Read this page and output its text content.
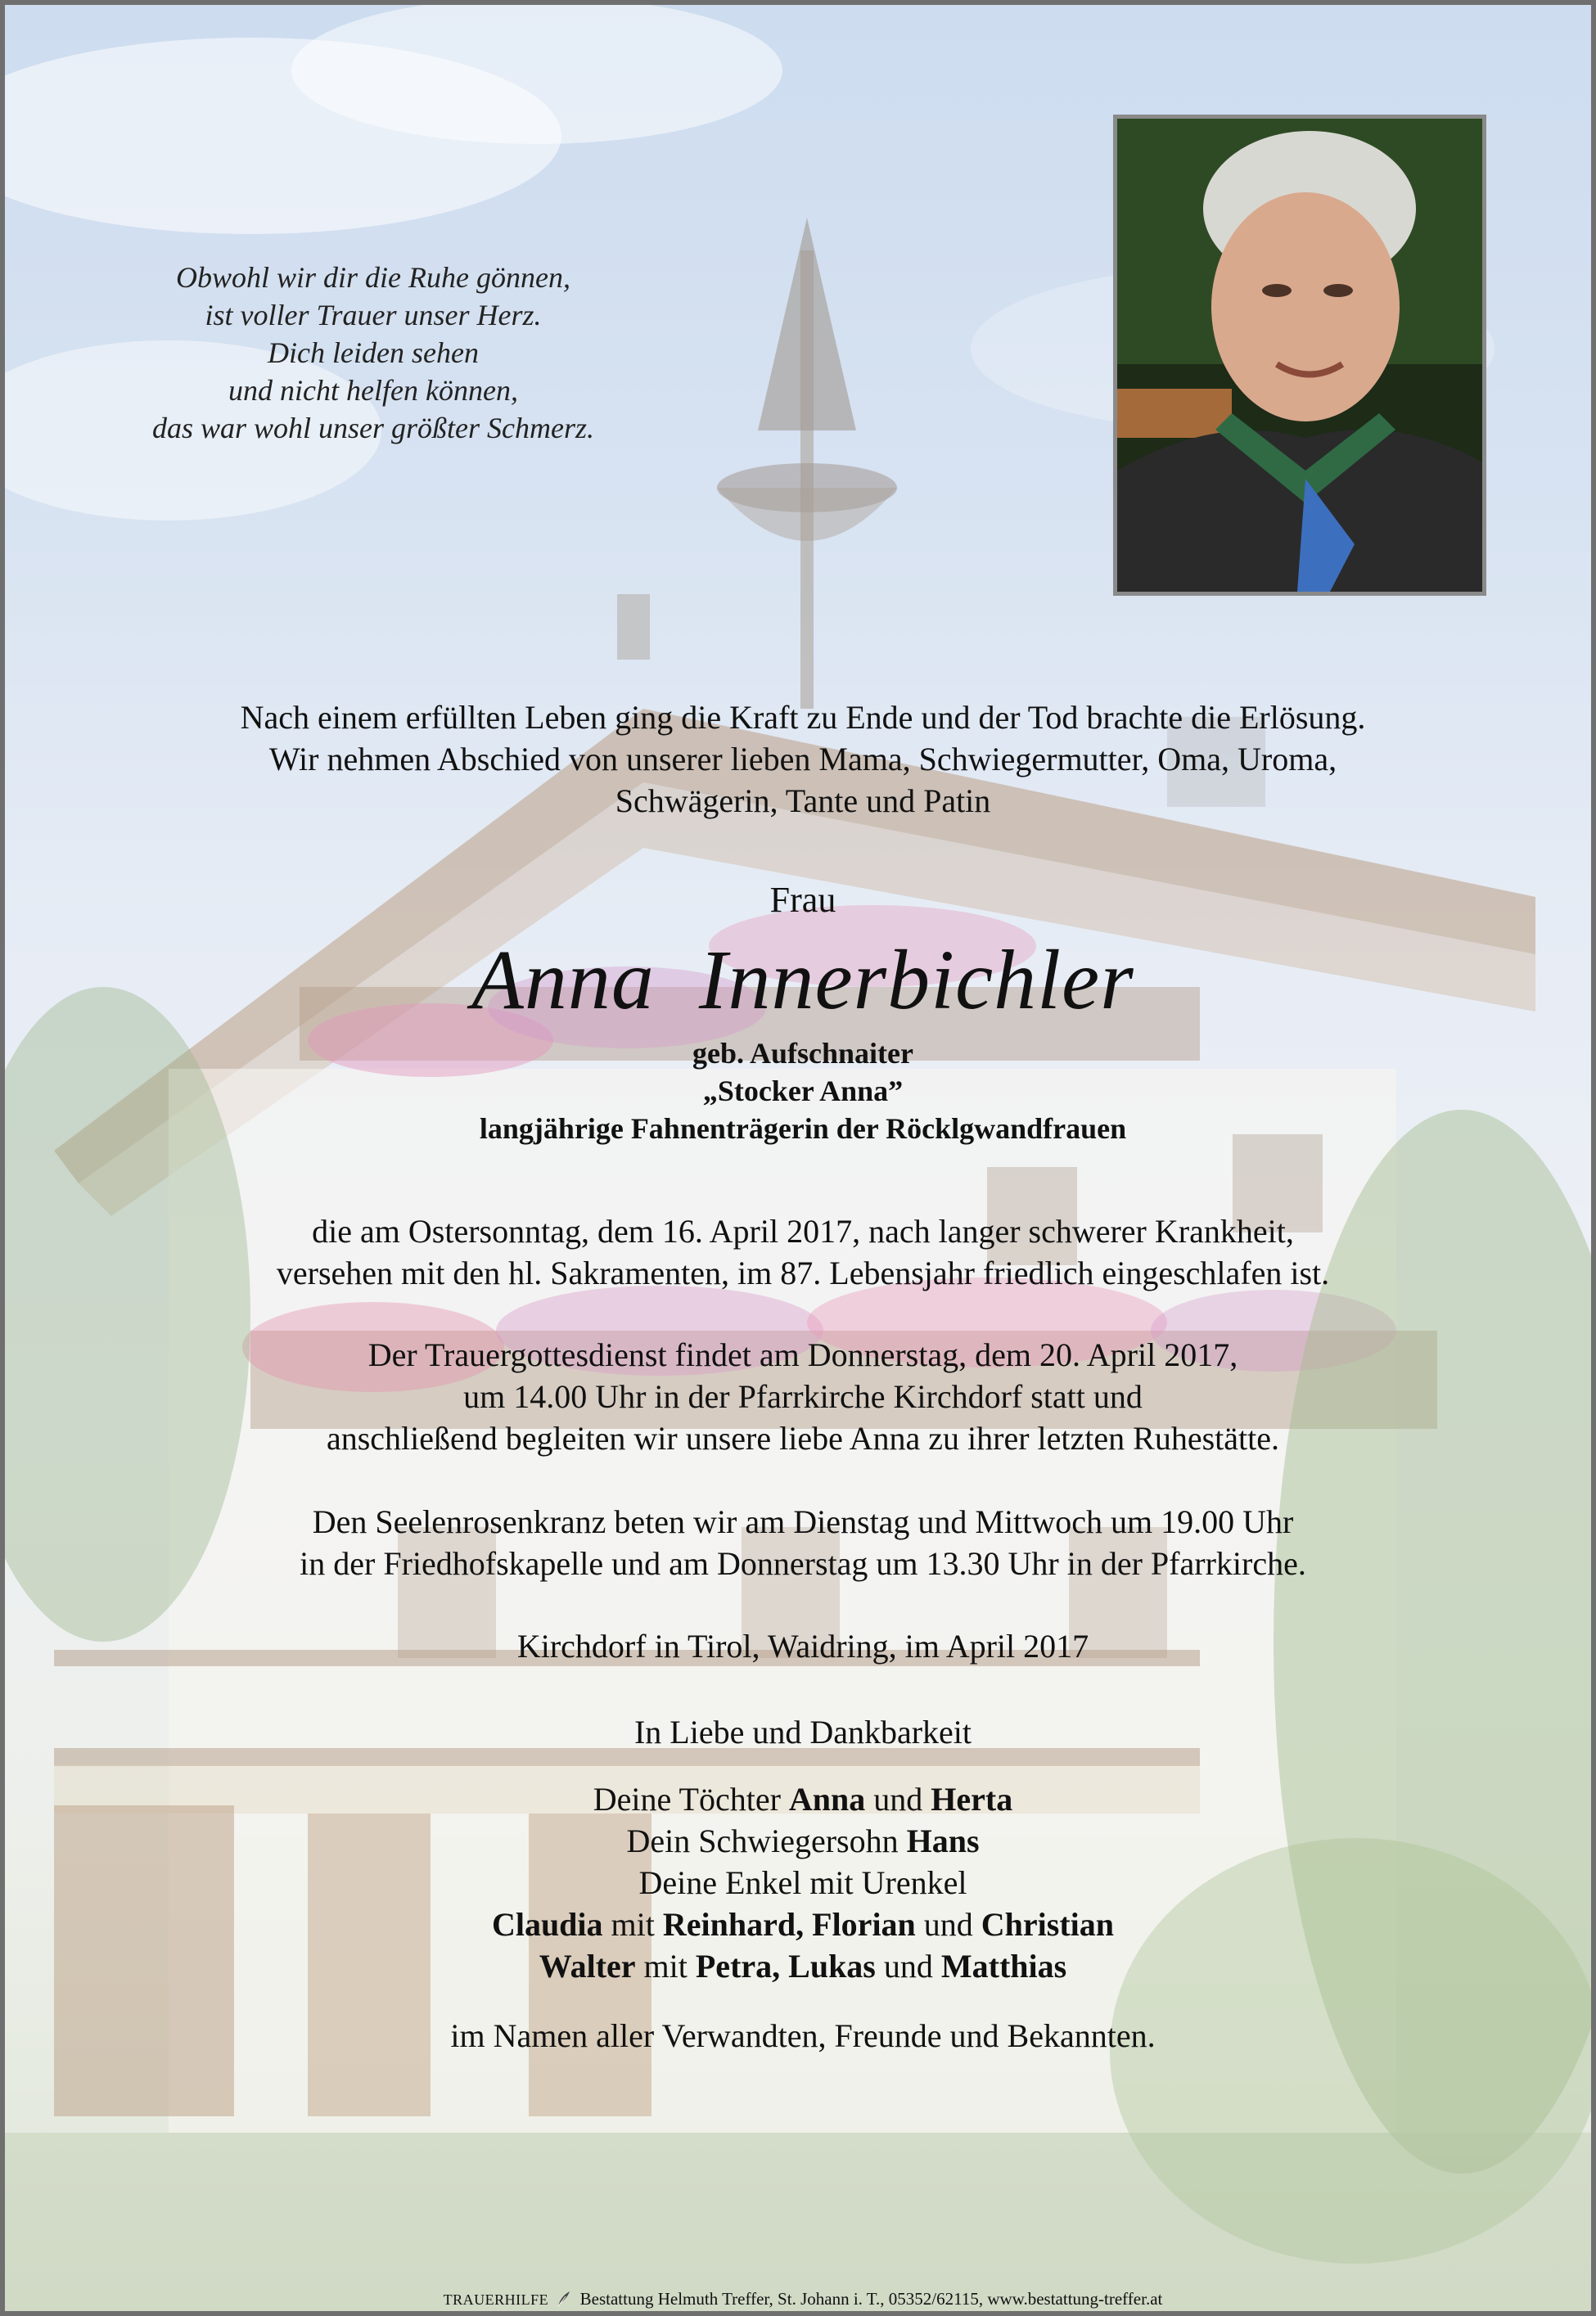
Obwohl wir dir die Ruhe gönnen,
ist voller Trauer unser Herz.
Dich leiden sehen
und nicht helfen können,
das war wohl unser größter Schmerz.
Nach einem erfüllten Leben ging die Kraft zu Ende und der Tod brachte die Erlösung.
Wir nehmen Abschied von unserer lieben Mama, Schwiegermutter, Oma, Uroma,
Schwägerin, Tante und Patin
Frau
Anna Innerbichler
geb. Aufschnaiter
„Stocker Anna”
langjährige Fahnenträgerin der Röcklgwandfrauen
die am Ostersonntag, dem 16. April 2017, nach langer schwerer Krankheit,
versehen mit den hl. Sakramenten, im 87. Lebensjahr friedlich eingeschlafen ist.
Der Trauergottesdienst findet am Donnerstag, dem 20. April 2017,
um 14.00 Uhr in der Pfarrkirche Kirchdorf statt und
anschließend begleiten wir unsere liebe Anna zu ihrer letzten Ruhestätte.
Den Seelenrosenkranz beten wir am Dienstag und Mittwoch um 19.00 Uhr
in der Friedhofskapelle und am Donnerstag um 13.30 Uhr in der Pfarrkirche.
Kirchdorf in Tirol, Waidring, im April 2017
In Liebe und Dankbarkeit
Deine Töchter Anna und Herta
Dein Schwiegersohn Hans
Deine Enkel mit Urenkel
Claudia mit Reinhard, Florian und Christian
Walter mit Petra, Lukas und Matthias
im Namen aller Verwandten, Freunde und Bekannten.
TRAUERHILFE Bestattung Helmuth Treffer, St. Johann i. T., 05352/62115, www.bestattung-treffer.at
